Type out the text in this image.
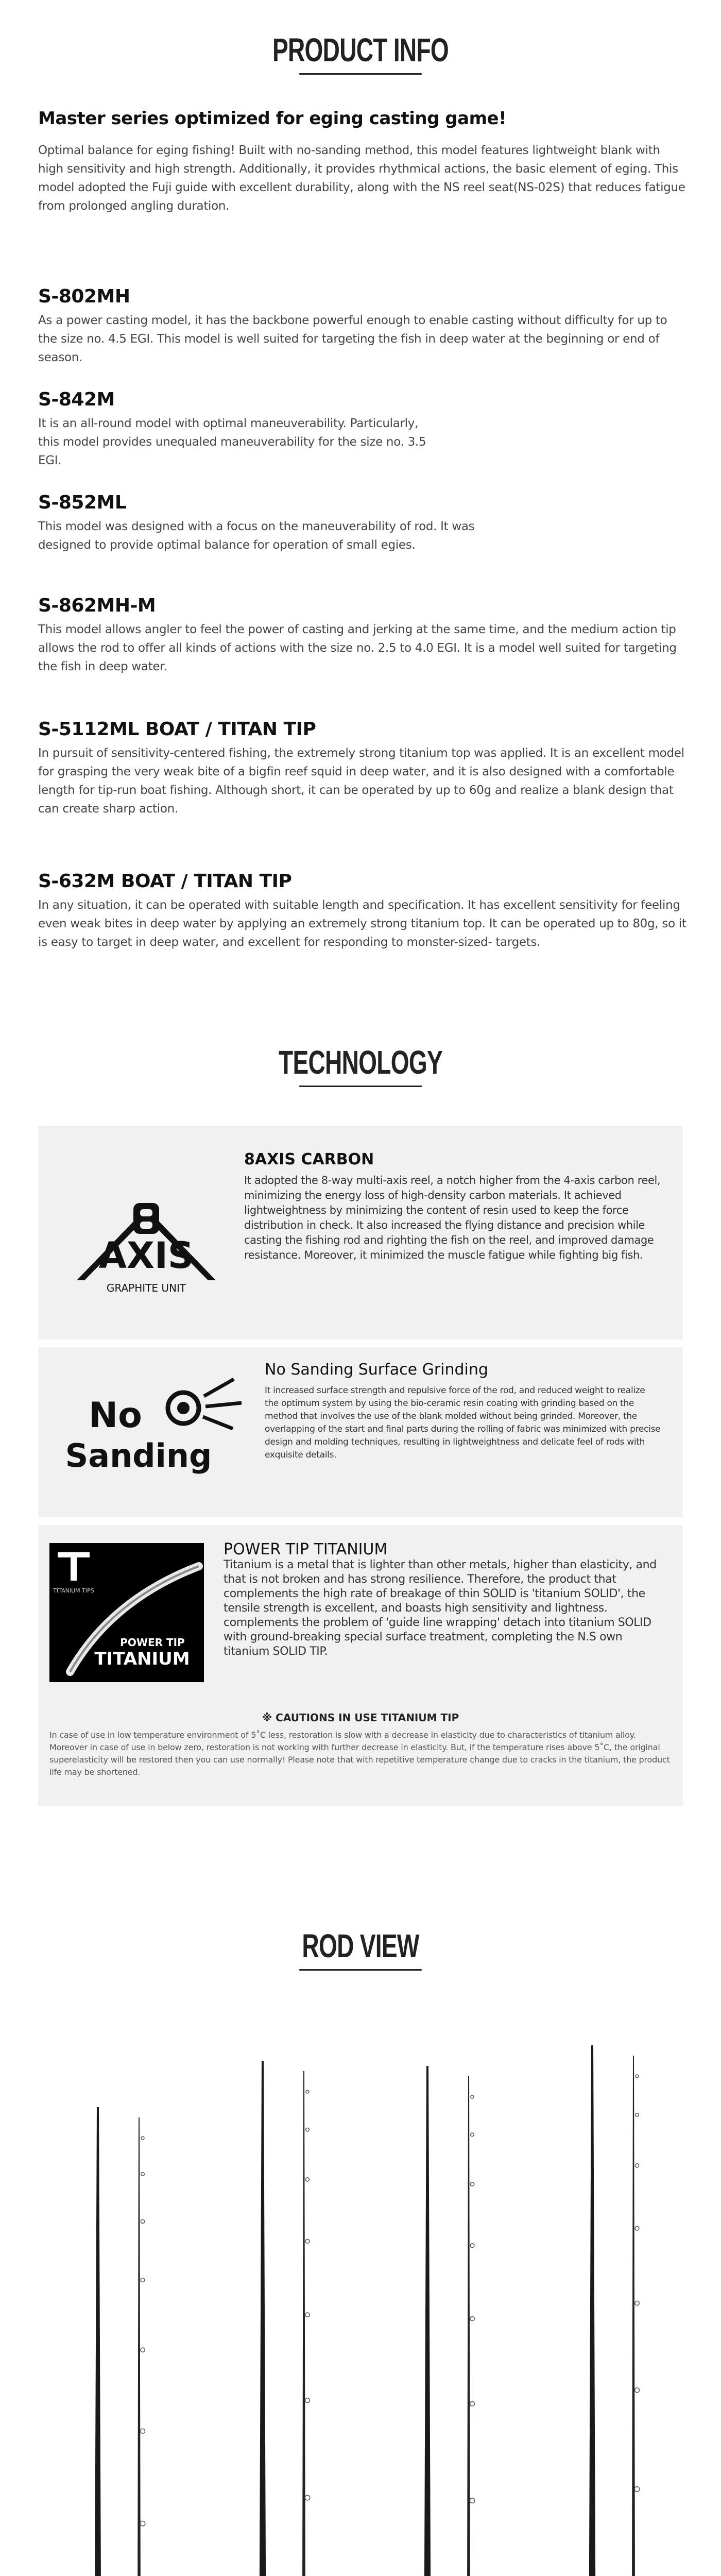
PRODUCT INFO
Master series optimized for eging casting game!
Optimal balance for eging fishing! Built with no-sanding method, this model features lightweight blank with high sensitivity and high strength. Additionally, it provides rhythmical actions, the basic element of eging. This model adopted the Fuji guide with excellent durability, along with the NS reel seat(NS-02S) that reduces fatigue from prolonged angling duration.
S-802MH
As a power casting model, it has the backbone powerful enough to enable casting without difficulty for up to the size no. 4.5 EGI. This model is well suited for targeting the fish in deep water at the beginning or end of season.
S-842M
It is an all-round model with optimal maneuverability. Particularly, this model provides unequaled maneuverability for the size no. 3.5 EGI.
S-852ML
This model was designed with a focus on the maneuverability of rod. It was designed to provide optimal balance for operation of small egies.
S-862MH-M
This model allows angler to feel the power of casting and jerking at the same time, and the medium action tip allows the rod to offer all kinds of actions with the size no. 2.5 to 4.0 EGI. It is a model well suited for targeting the fish in deep water.
S-5112ML BOAT / TITAN TIP
In pursuit of sensitivity-centered fishing, the extremely strong titanium top was applied. It is an excellent model for grasping the very weak bite of a bigfin reef squid in deep water, and it is also designed with a comfortable length for tip-run boat fishing. Although short, it can be operated by up to 60g and realize a blank design that can create sharp action.
S-632M BOAT / TITAN TIP
In any situation, it can be operated with suitable length and specification. It has excellent sensitivity for feeling even weak bites in deep water by applying an extremely strong titanium top. It can be operated up to 80g, so it is easy to target in deep water, and excellent for responding to monster-sized- targets.
TECHNOLOGY
AXIS
8
GRAPHITE UNIT
8AXIS CARBON
It adopted the 8-way multi-axis reel, a notch higher from the 4-axis carbon reel, minimizing the energy loss of high-density carbon materials. It achieved lightweightness by minimizing the content of resin used to keep the force distribution in check. It also increased the flying distance and precision while casting the fishing rod and righting the fish on the reel, and improved damage resistance. Moreover, it minimized the muscle fatigue while fighting big fish.
No
Sanding
No Sanding Surface Grinding
It increased surface strength and repulsive force of the rod, and reduced weight to realize the optimum system by using the bio-ceramic resin coating with grinding based on the method that involves the use of the blank molded without being grinded. Moreover, the overlapping of the start and final parts during the rolling of fabric was minimized with precise design and molding techniques, resulting in lightweightness and delicate feel of rods with exquisite details.
TITANIUM TIPS
POWER TIP
TITANIUM
POWER TIP TITANIUM
Titanium is a metal that is lighter than other metals, higher than elasticity, and that is not broken and has strong resilience. Therefore, the product that complements the high rate of breakage of thin SOLID is 'titanium SOLID', the tensile strength is excellent, and boasts high sensitivity and lightness. complements the problem of 'guide line wrapping' detach into titanium SOLID with ground-breaking special surface treatment, completing the N.S own titanium SOLID TIP.
※ CAUTIONS IN USE TITANIUM TIP
In case of use in low temperature environment of 5˚C less, restoration is slow with a decrease in elasticity due to characteristics of titanium alloy. Moreover in case of use in below zero, restoration is not working with further decrease in elasticity. But, if the temperature rises above 5˚C, the original superelasticity will be restored then you can use normally! Please note that with repetitive temperature change due to cracks in the titanium, the product life may be shortened.
ROD VIEW
